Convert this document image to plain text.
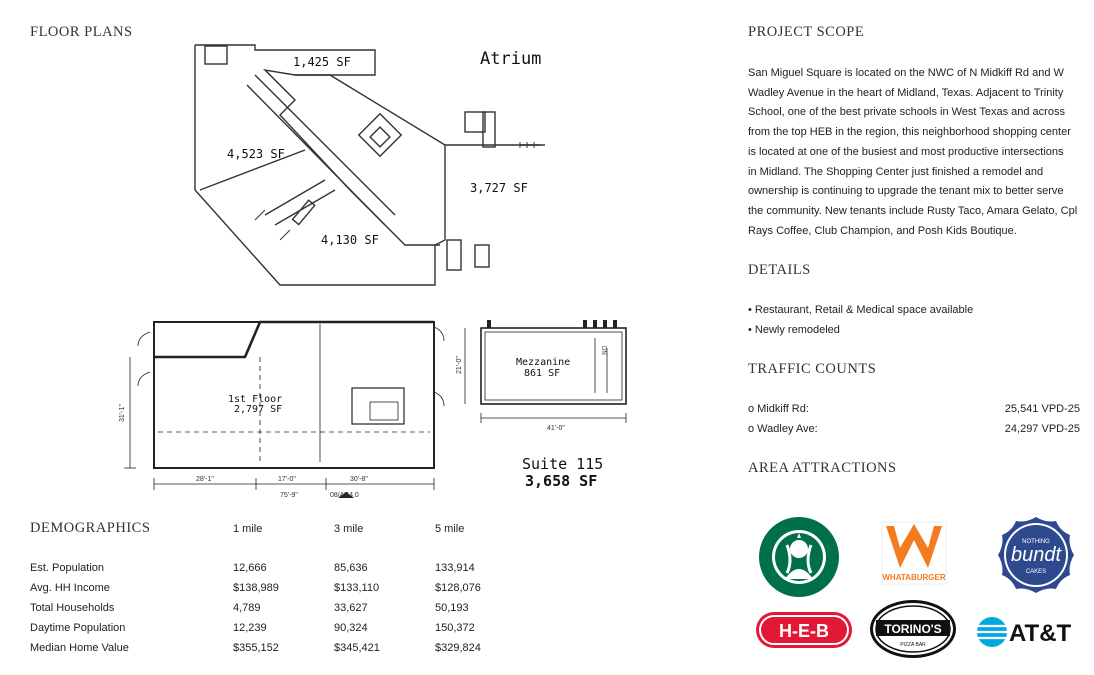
FLOOR PLANS
1,425 SF
4,523 SF
3,727 SF
4,130 SF
Atrium
1st Floor
2,797 SF
28'-1"	17'-0"	30'-8"
75'-9"	08/AB4.0
31'-1"
Mezzanine
861 SF
41'-0"
21'-0"
DN
Suite 115
3,658 SF
DEMOGRAPHICS	1 mile	3 mile	5 mile
Est. Population	12,666	85,636	133,914
Avg. HH Income	$138,989	$133,110	$128,076
Total Households	4,789	33,627	50,193
Daytime Population	12,239	90,324	150,372
Median Home Value	$355,152	$345,421	$329,824
PROJECT SCOPE
San Miguel Square is located on the NWC of N Midkiff Rd and W
Wadley Avenue in the heart of Midland, Texas. Adjacent to Trinity
School, one of the best private schools in West Texas and across
from the top HEB in the region, this neighborhood shopping center
is located at one of the busiest and most productive intersections
in Midland. The Shopping Center just finished a remodel and
ownership is continuing to upgrade the tenant mix to better serve
the community. New tenants include Rusty Taco, Amara Gelato, Cpl
Rays Coffee, Club Champion, and Posh Kids Boutique.
DETAILS
• Restaurant, Retail & Medical space available
• Newly remodeled
TRAFFIC COUNTS
o Midkiff Rd:	25,541 VPD-25
o Wadley Ave:	24,297 VPD-25
AREA ATTRACTIONS
WHATABURGER
NOTHING
bundt
CAKES
H-E-B	TORINO'S
PIZZA BAR	AT&T
